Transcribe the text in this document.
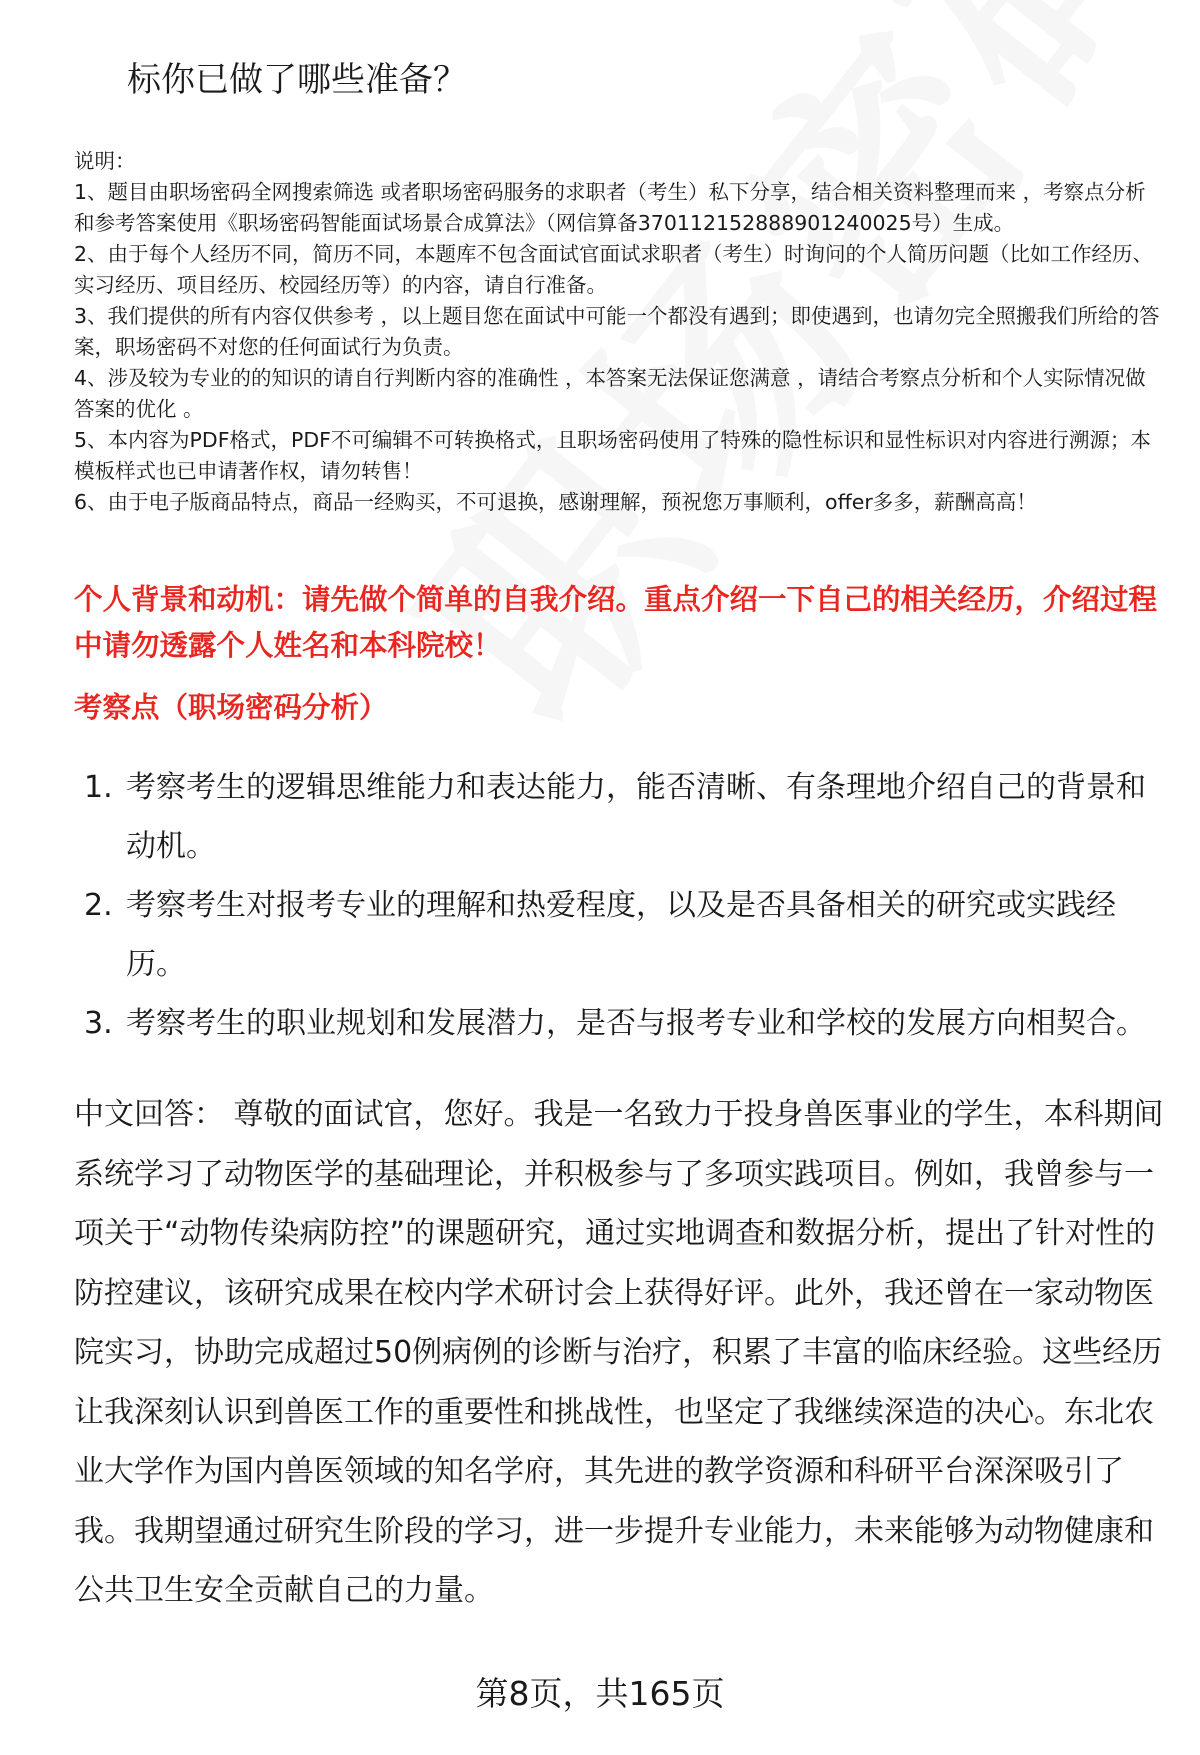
标你已做了哪些准备？

说明：

1、题目由职场密码全网搜索筛选 或者职场密码服务的求职者（考生）私下分享，结合相关资料整理而来 ，考察点分析和参考答案使用《职场密码智能面试场景合成算法》（网信算备370112152888901240025号）生成。

2、由于每个人经历不同，简历不同，本题库不包含面试官面试求职者（考生）时询问的个人简历问题（比如工作经历、实习经历、项目经历、校园经历等）的内容，请自行准备。

3、我们提供的所有内容仅供参考 ，以上题目您在面试中可能一个都没有遇到；即使遇到，也请勿完全照搬我们所给的答案，职场密码不对您的任何面试行为负责。

4、涉及较为专业的的知识的请自行判断内容的准确性 ，本答案无法保证您满意 ，请结合考察点分析和个人实际情况做答案的优化 。

5、本内容为PDF格式，PDF不可编辑不可转换格式，且职场密码使用了特殊的隐性标识和显性标识对内容进行溯源；本模板样式也已申请著作权，请勿转售！

6、由于电子版商品特点，商品一经购买，不可退换，感谢理解，预祝您万事顺利，offer多多，薪酬高高！

个人背景和动机：请先做个简单的自我介绍。重点介绍一下自己的相关经历，介绍过程中请勿透露个人姓名和本科院校！
考察点（职场密码分析）
1. 考察考生的逻辑思维能力和表达能力，能否清晰、有条理地介绍自己的背景和动机。
2. 考察考生对报考专业的理解和热爱程度，以及是否具备相关的研究或实践经历。
3. 考察考生的职业规划和发展潜力，是否与报考专业和学校的发展方向相契合。

中文回答： 尊敬的面试官，您好。我是一名致力于投身兽医事业的学生，本科期间系统学习了动物医学的基础理论，并积极参与了多项实践项目。例如，我曾参与一项关于“动物传染病防控”的课题研究，通过实地调查和数据分析，提出了针对性的防控建议，该研究成果在校内学术研讨会上获得好评。此外，我还曾在一家动物医院实习，协助完成超过50例病例的诊断与治疗，积累了丰富的临床经验。这些经历让我深刻认识到兽医工作的重要性和挑战性，也坚定了我继续深造的决心。东北农业大学作为国内兽医领域的知名学府，其先进的教学资源和科研平台深深吸引了我。我期望通过研究生阶段的学习，进一步提升专业能力，未来能够为动物健康和公共卫生安全贡献自己的力量。

第8页，共165页
